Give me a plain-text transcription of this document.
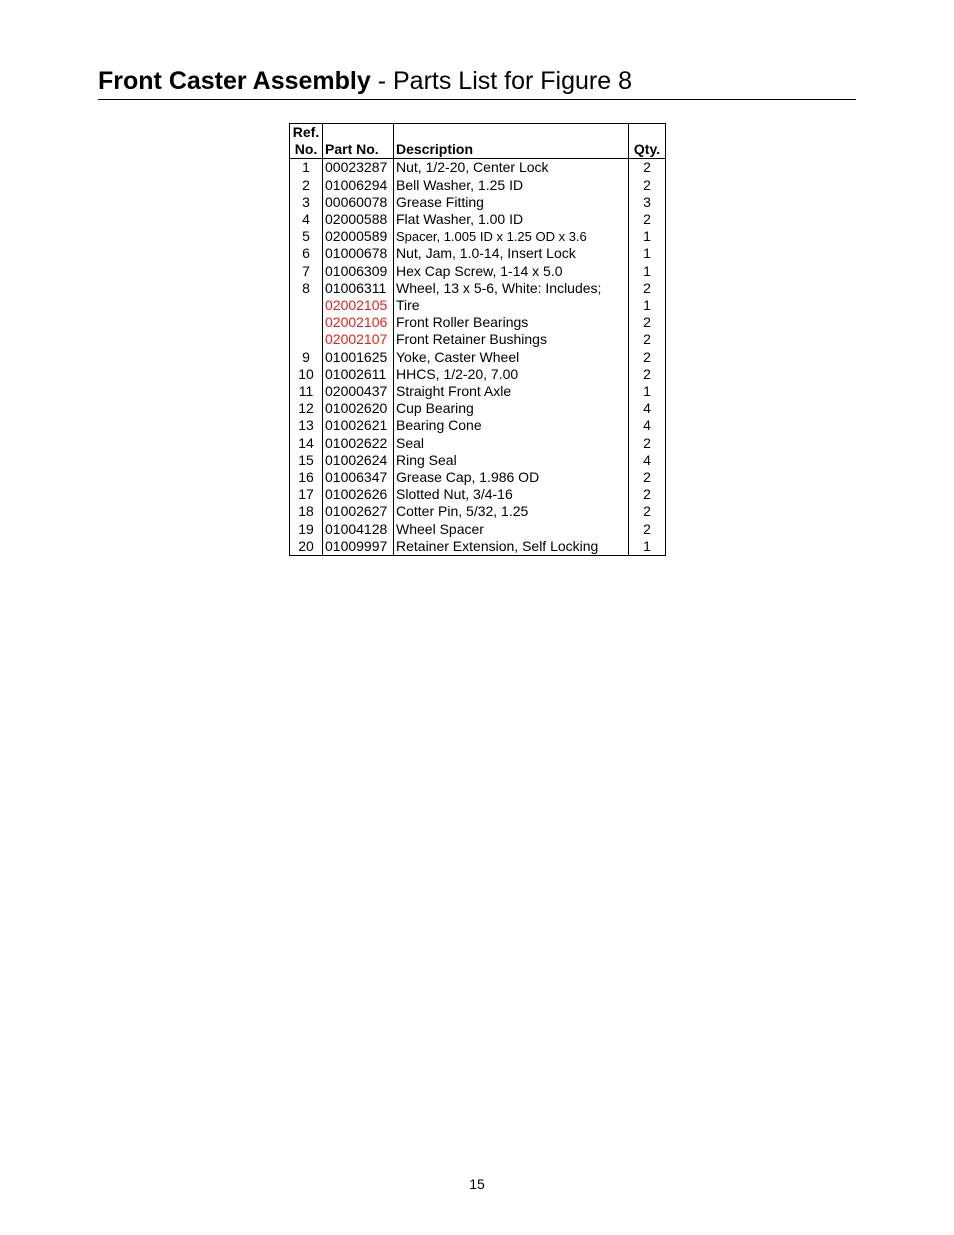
Front Caster Assembly - Parts List for Figure 8
Ref.
No.	Part No.	Description	Qty.
1	00023287	Nut, 1/2-20, Center Lock	2
2	01006294	Bell Washer, 1.25 ID	2
3	00060078	Grease Fitting	3
4	02000588	Flat Washer, 1.00 ID	2
5	02000589	Spacer, 1.005 ID x 1.25 OD x 3.6	1
6	01000678	Nut, Jam, 1.0-14, Insert Lock	1
7	01006309	Hex Cap Screw, 1-14 x 5.0	1
8	01006311	Wheel, 13 x 5-6, White: Includes;	2
	02002105	Tire	1
	02002106	Front Roller Bearings	2
	02002107	Front Retainer Bushings	2
9	01001625	Yoke, Caster Wheel	2
10	01002611	HHCS, 1/2-20, 7.00	2
11	02000437	Straight Front Axle	1
12	01002620	Cup Bearing	4
13	01002621	Bearing Cone	4
14	01002622	Seal	2
15	01002624	Ring Seal	4
16	01006347	Grease Cap, 1.986 OD	2
17	01002626	Slotted Nut, 3/4-16	2
18	01002627	Cotter Pin, 5/32, 1.25	2
19	01004128	Wheel Spacer	2
20	01009997	Retainer Extension, Self Locking	1
15
